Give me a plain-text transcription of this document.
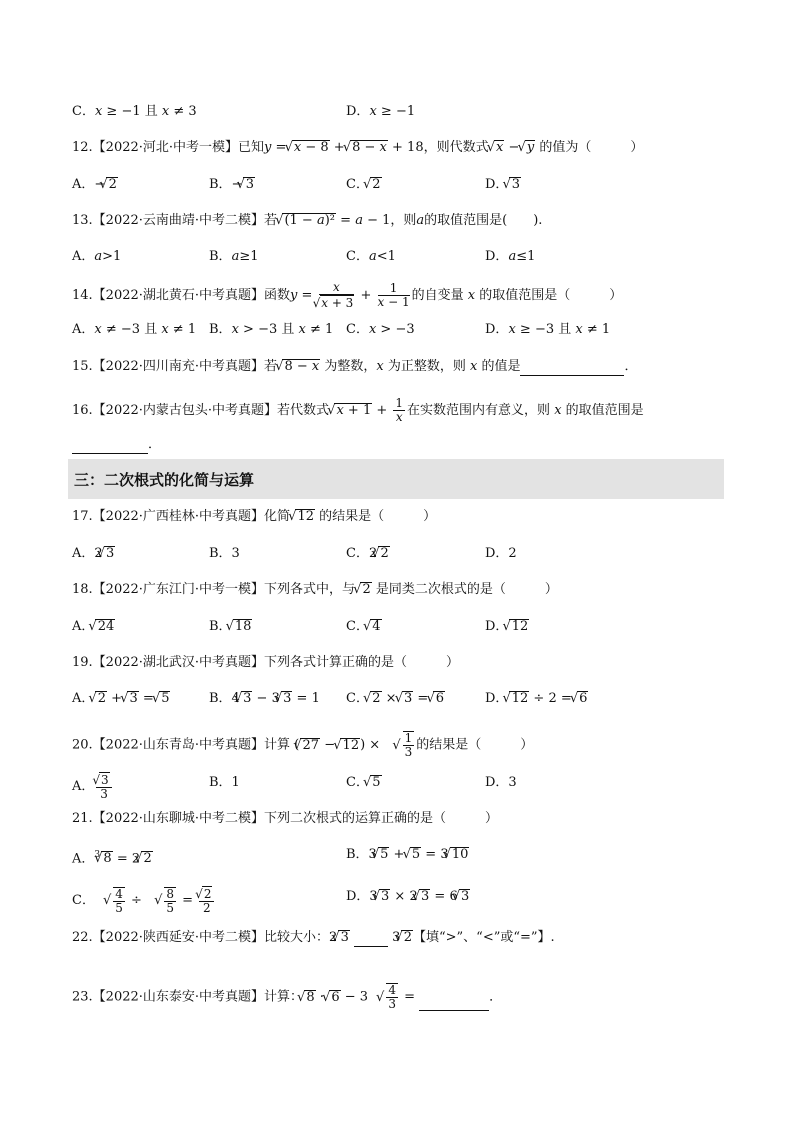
C．x ≥ −1 且 x ≠ 3	D．x ≥ −1
12.【2022·河北·中考一模】已知y = √ x − 8 + √ 8 − x + 18，则代数式 √ x − √ y 的值为（　　　）
A．− √ 2	B．− √ 3	C． √ 2	D． √ 3
13.【2022·云南曲靖·中考二模】若 √ (1 − a)² = a − 1，则a的取值范围是(　　).
A．a>1	B．a≥1	C．a<1	D．a≤1
14.【2022·湖北黄石·中考真题】函数y = x
√ $x + 3 + \frac{1}{x - 1}$ 的自变量 x 的取值范围是（　　　）
A．x ≠ −3 且 x ≠ 1 B．x > −3 且 x ≠ 1 C．x > −3	D．x ≥ −3 且 x ≠ 1
15.【2022·四川南充·中考真题】若 √ 8 − x 为整数，x 为正整数，则 x 的值是	．
16.【2022·内蒙古包头·中考真题】若代数式 √ $x + 1 + \frac{1}{x}$ 在实数范围内有意义，则 x 的取值范围是
．
三：二次根式的化简与运算
17.【2022·广西桂林·中考真题】化简 √ 12 的结果是（　　　）
A．2 √ 3	B．3	C．2 √ 2	D．2
18.【2022·广东江门·中考一模】下列各式中，与 √ 2 是同类二次根式的是（　　　）
A． √ 24	B． √ 18	C． √ 4	D． √ 12
19.【2022·湖北武汉·中考真题】下列各式计算正确的是（　　　）
A． √ 2 + √ 3 = √ 5	B．4 √ 3 − 3 √ 3 = 1 C． √ 2 × √ 3 = √ 6	D． √ 12 ÷ 2 = √ 6
20.【2022·山东青岛·中考真题】计算 ( √ 27 − √ 12) × √ $\frac{1}{3}$ 的结果是（　　　）
A． √ $\frac{3}{3}$	B．1	C． √ 5	D．3
21.【2022·山东聊城·中考二模】下列二次根式的运算正确的是（　　　）
A．$^3$ √ 8 = 2 √ 2	B．3 √ 5 + √ 5 = 3 √ 10
C． √ $\frac{4}{5}$ ÷ √ $\frac{8}{5}$ = √ $\frac{2}{2}$	D．3 √ 3 × 2 √ 3 = 6 √ 3
22.【2022·陕西延安·中考二模】比较大小：2 √ 3	3 √ 2【填“>”、“<”或“=”】.
23.【2022·山东泰安·中考真题】计算： √ 8 · √ 6 − 3 √ $\frac{4}{3}$ =	．
